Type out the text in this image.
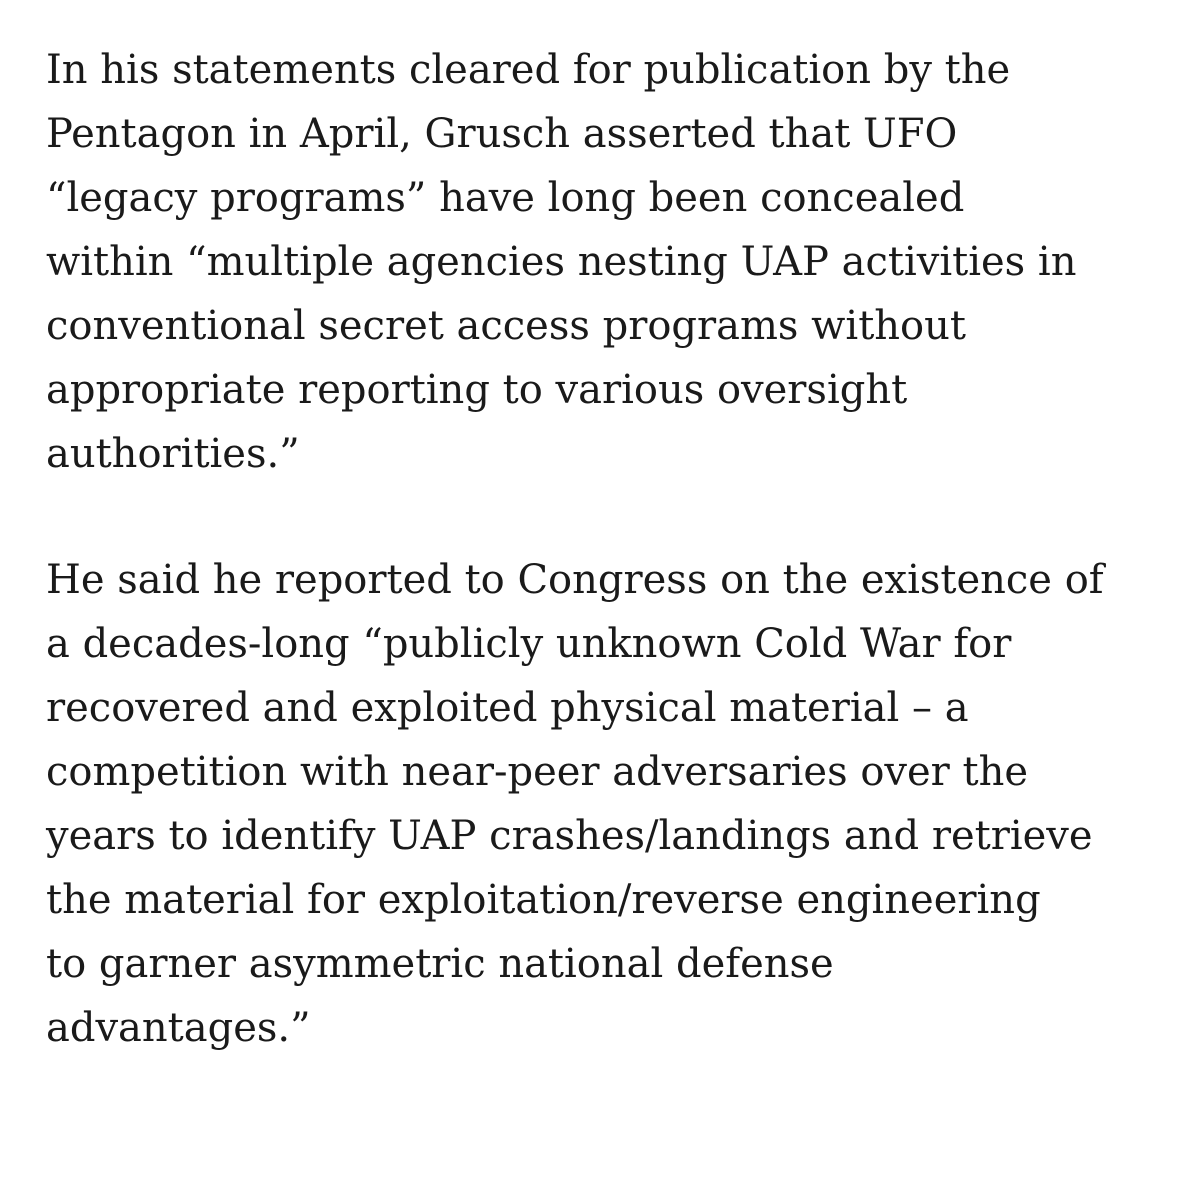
In his statements cleared for publication by the
Pentagon in April, Grusch asserted that UFO
“legacy programs” have long been concealed
within “multiple agencies nesting UAP activities in
conventional secret access programs without
appropriate reporting to various oversight
authorities.”

He said he reported to Congress on the existence of
a decades-long “publicly unknown Cold War for
recovered and exploited physical material – a
competition with near-peer adversaries over the
years to identify UAP crashes/landings and retrieve
the material for exploitation/reverse engineering
to garner asymmetric national defense
advantages.”
